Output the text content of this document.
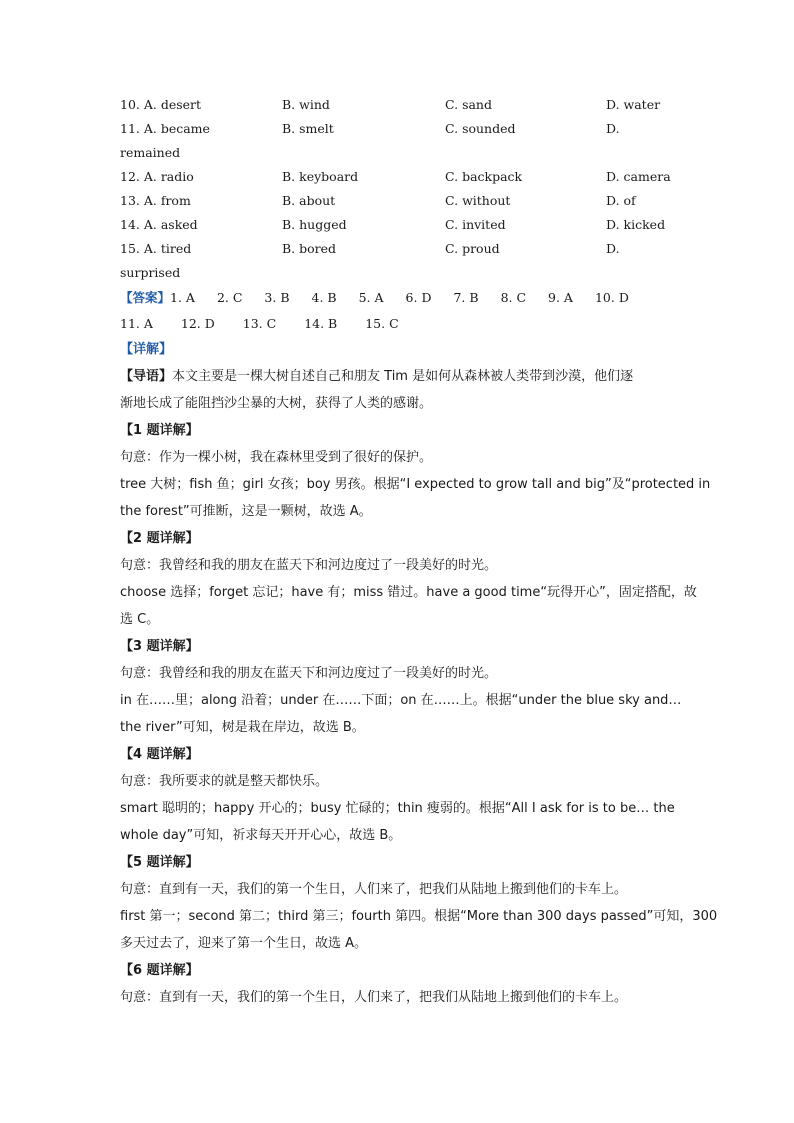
10. A. desert	B. wind	C. sand	D. water
11. A. became	B. smelt	C. sounded	D.
remained
12. A. radio	B. keyboard	C. backpack	D. camera
13. A. from	B. about	C. without	D. of
14. A. asked	B. hugged	C. invited	D. kicked
15. A. tired	B. bored	C. proud	D.
surprised
【答案】 1. A 2. C 3. B 4. B 5. A 6. D 7. B 8. C 9. A 10. D
11. A 12. D 13. C 14. B 15. C
【详解】
【导语】本文主要是一棵大树自述自己和朋友 Tim 是如何从森林被人类带到沙漠，他们逐
渐地长成了能阻挡沙尘暴的大树，获得了人类的感谢。
【1 题详解】
句意：作为一棵小树，我在森林里受到了很好的保护。
tree 大树；fish 鱼；girl 女孩；boy 男孩。根据“I expected to grow tall and big”及“protected in
the forest”可推断，这是一颗树，故选 A。
【2 题详解】
句意：我曾经和我的朋友在蓝天下和河边度过了一段美好的时光。
choose 选择；forget 忘记；have 有；miss 错过。have a good time“玩得开心”，固定搭配，故
选 C。
【3 题详解】
句意：我曾经和我的朋友在蓝天下和河边度过了一段美好的时光。
in 在……里；along 沿着；under 在……下面；on 在……上。根据“under the blue sky and…
the river”可知，树是栽在岸边，故选 B。
【4 题详解】
句意：我所要求的就是整天都快乐。
smart 聪明的；happy 开心的；busy 忙碌的；thin 瘦弱的。根据“All I ask for is to be… the
whole day”可知，祈求每天开开心心，故选 B。
【5 题详解】
句意：直到有一天，我们的第一个生日，人们来了，把我们从陆地上搬到他们的卡车上。
first 第一；second 第二；third 第三；fourth 第四。根据“More than 300 days passed”可知，300
多天过去了，迎来了第一个生日，故选 A。
【6 题详解】
句意：直到有一天，我们的第一个生日，人们来了，把我们从陆地上搬到他们的卡车上。
